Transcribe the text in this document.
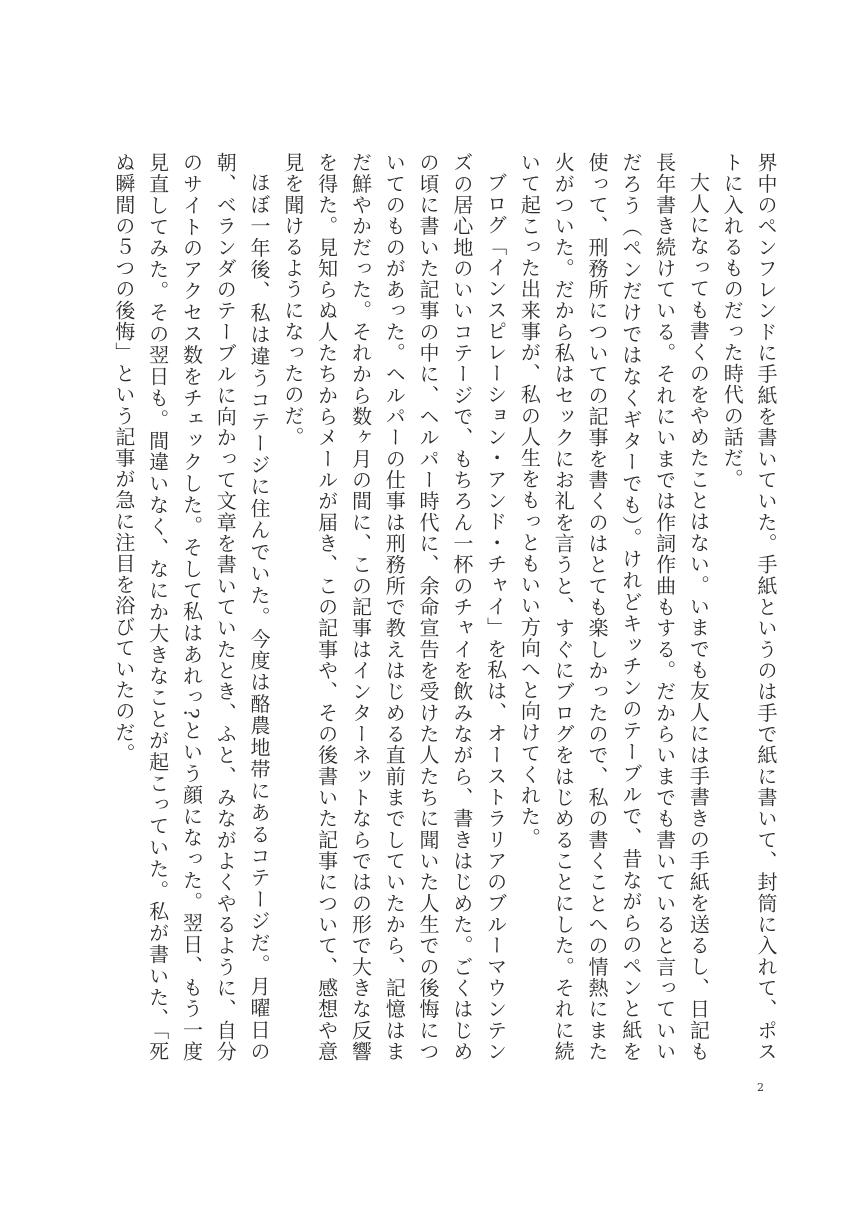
界中のペンフレンドに手紙を書いていた。手紙というのは手で紙に書いて、封筒に入れて、ポストに入れるものだった時代の話だ。

大人になっても書くのをやめたことはない。いまでも友人には手書きの手紙を送るし、日記も長年書き続けている。それにいまでは作詞作曲もする。だからいまでも書いていると言っていいだろう（ペンだけではなくギターでも）。けれどキッチンのテーブルで、昔ながらのペンと紙を使って、刑務所についての記事を書くのはとても楽しかったので、私の書くことへの情熱にまた火がついた。だから私はセックにお礼を言うと、すぐにブログをはじめることにした。それに続いて起こった出来事が、私の人生をもっともいい方向へと向けてくれた。

ブログ「インスピレーション・アンド・チャイ」を私は、オーストラリアのブルーマウンテンズの居心地のいいコテージで、もちろん一杯のチャイを飲みながら、書きはじめた。ごくはじめの頃に書いた記事の中に、ヘルパー時代に、余命宣告を受けた人たちに聞いた人生での後悔についてのものがあった。ヘルパーの仕事は刑務所で教えはじめる直前までしていたから、記憶はまだ鮮やかだった。それから数ヶ月の間に、この記事はインターネットならではの形で大きな反響を得た。見知らぬ人たちからメールが届き、この記事や、その後書いた記事について、感想や意見を聞けるようになったのだ。

ほぼ一年後、私は違うコテージに住んでいた。今度は酪農地帯にあるコテージだ。月曜日の朝、ベランダのテーブルに向かって文章を書いていたとき、ふと、みながよくやるように、自分のサイトのアクセス数をチェックした。そして私はあれっ?という顔になった。翌日、もう一度見直してみた。その翌日も。間違いなく、なにか大きなことが起こっていた。私が書いた、「死ぬ瞬間の５つの後悔」という記事が急に注目を浴びていたのだ。

2
